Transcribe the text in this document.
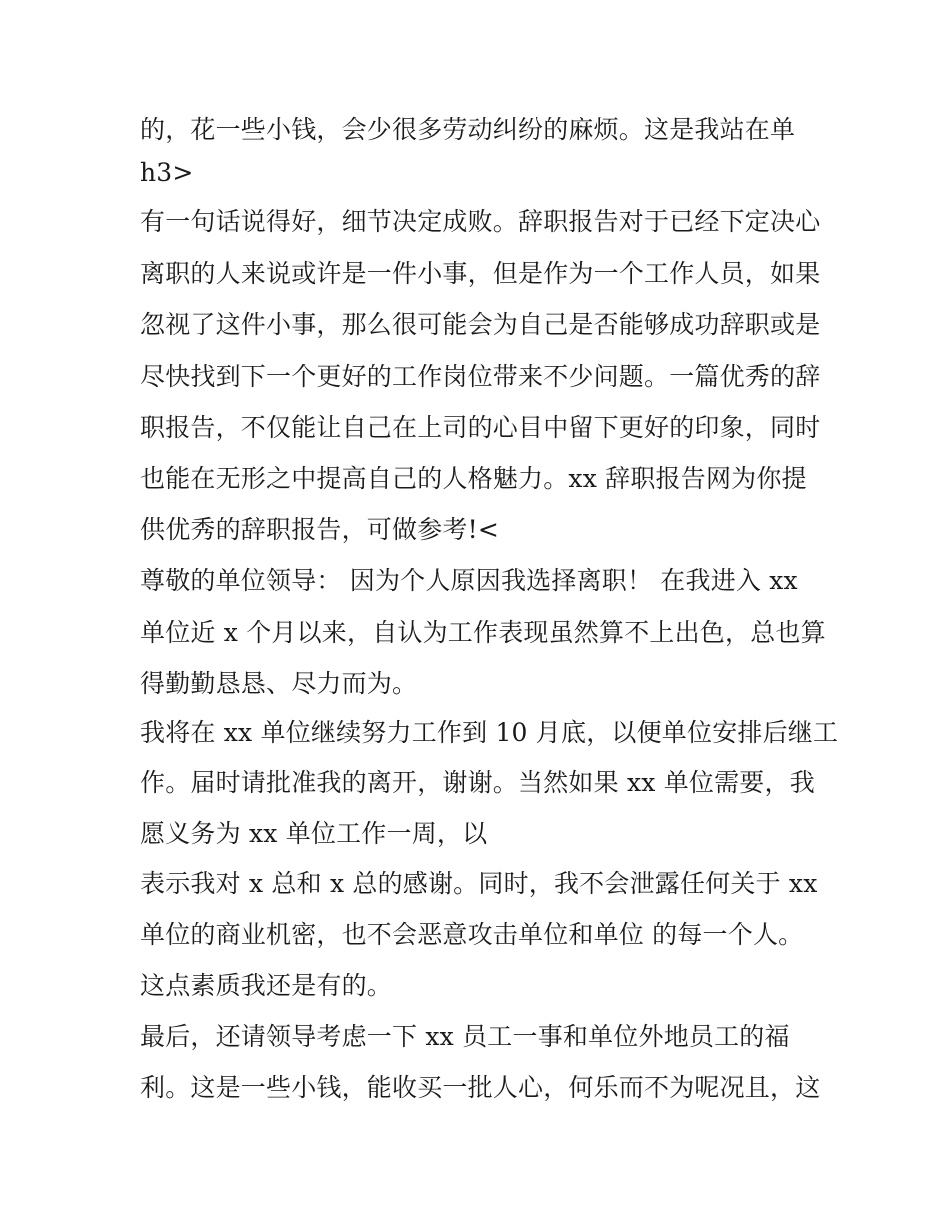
的，花一些小钱，会少很多劳动纠纷的麻烦。这是我站在单

h3>

有一句话说得好，细节决定成败。辞职报告对于已经下定决心

离职的人来说或许是一件小事，但是作为一个工作人员，如果

忽视了这件小事，那么很可能会为自己是否能够成功辞职或是

尽快找到下一个更好的工作岗位带来不少问题。一篇优秀的辞

职报告，不仅能让自己在上司的心目中留下更好的印象，同时

也能在无形之中提高自己的人格魅力。xx 辞职报告网为你提

供优秀的辞职报告，可做参考!<

尊敬的单位领导： 因为个人原因我选择离职！ 在我进入 xx

单位近 x 个月以来，自认为工作表现虽然算不上出色，总也算

得勤勤恳恳、尽力而为。

我将在 xx 单位继续努力工作到 10 月底，以便单位安排后继工

作。届时请批准我的离开，谢谢。当然如果 xx 单位需要，我

愿义务为 xx 单位工作一周，以

表示我对 x 总和 x 总的感谢。同时，我不会泄露任何关于 xx

单位的商业机密，也不会恶意攻击单位和单位 的每一个人。

这点素质我还是有的。

最后，还请领导考虑一下 xx 员工一事和单位外地员工的福

利。这是一些小钱，能收买一批人心，何乐而不为呢况且，这
